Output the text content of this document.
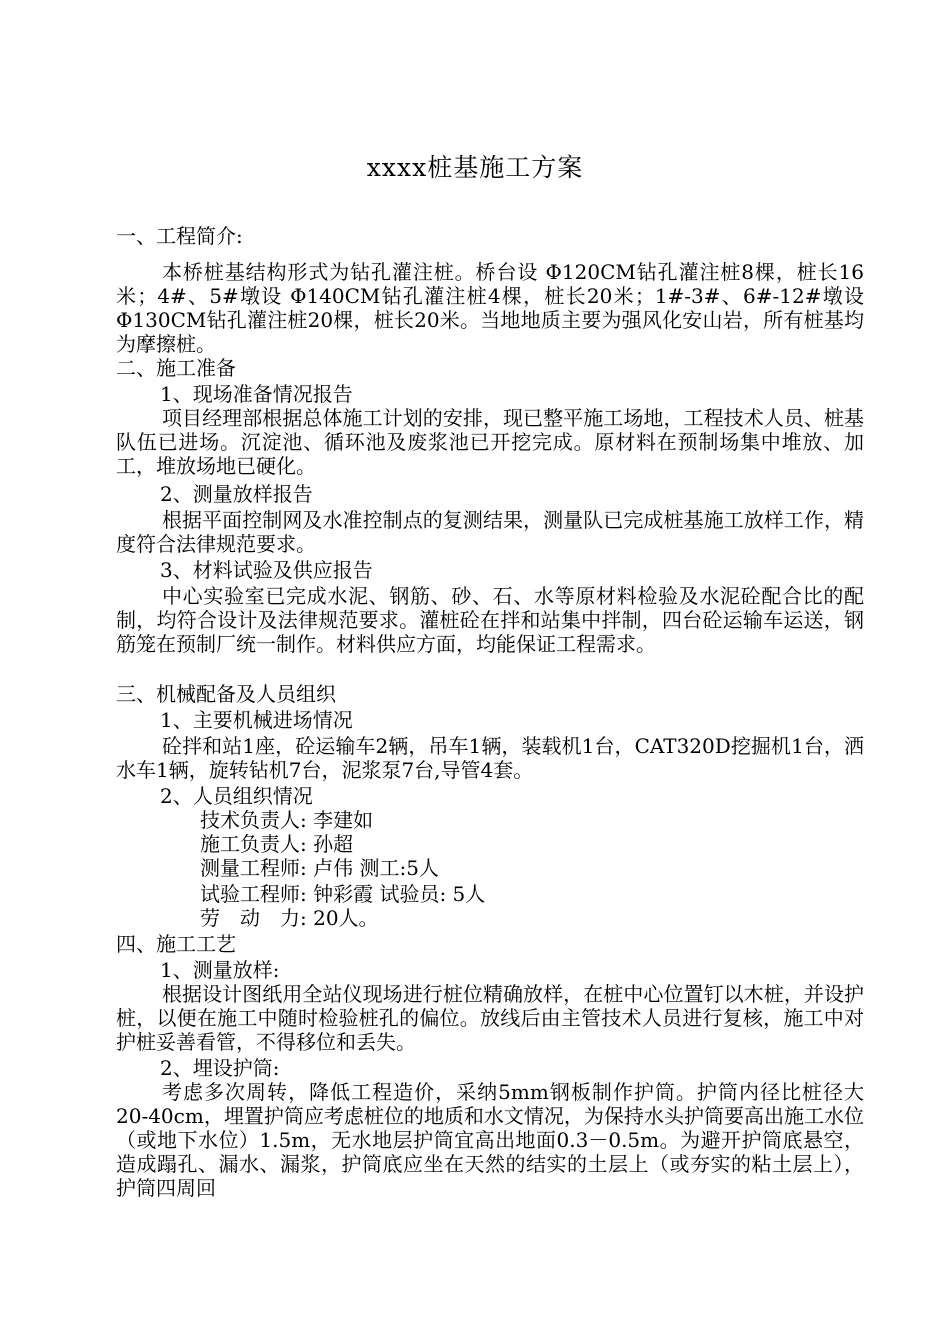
xxxx桩基施工方案
一、工程简介:
本桥桩基结构形式为钻孔灌注桩。桥台设 Φ120CM钻孔灌注桩8棵，桩长16米；4#、5#墩设 Φ140CM钻孔灌注桩4棵，桩长20米；1#-3#、6#-12#墩设 Φ130CM钻孔灌注桩20棵，桩长20米。当地地质主要为强风化安山岩，所有桩基均为摩擦桩。
二、施工准备
1、现场准备情况报告
项目经理部根据总体施工计划的安排，现已整平施工场地，工程技术人员、桩基队伍已进场。沉淀池、循环池及废浆池已开挖完成。原材料在预制场集中堆放、加工，堆放场地已硬化。
2、测量放样报告
根据平面控制网及水准控制点的复测结果，测量队已完成桩基施工放样工作，精度符合法律规范要求。
3、材料试验及供应报告
中心实验室已完成水泥、钢筋、砂、石、水等原材料检验及水泥砼配合比的配制，均符合设计及法律规范要求。灌桩砼在拌和站集中拌制，四台砼运输车运送，钢筋笼在预制厂统一制作。材料供应方面，均能保证工程需求。
三、机械配备及人员组织
1、主要机械进场情况
砼拌和站1座，砼运输车2辆，吊车1辆，装载机1台，CAT320D挖掘机1台，洒水车1辆，旋转钻机7台，泥浆泵7台,导管4套。
2、人员组织情况
技术负责人: 李建如
施工负责人: 孙超
测量工程师: 卢伟 测工:5人
试验工程师: 钟彩霞 试验员: 5人
劳　动　力: 20人。
四、施工工艺
1、测量放样:
根据设计图纸用全站仪现场进行桩位精确放样，在桩中心位置钉以木桩，并设护桩，以便在施工中随时检验桩孔的偏位。放线后由主管技术人员进行复核，施工中对护桩妥善看管，不得移位和丢失。
2、埋设护筒:
考虑多次周转，降低工程造价，采纳5mm钢板制作护筒。护筒内径比桩径大20-40cm，埋置护筒应考虑桩位的地质和水文情况，为保持水头护筒要高出施工水位（或地下水位）1.5m，无水地层护筒宜高出地面0.3－0.5m。为避开护筒底悬空，造成蹋孔、漏水、漏浆，护筒底应坐在天然的结实的土层上（或夯实的粘土层上），护筒四周回
